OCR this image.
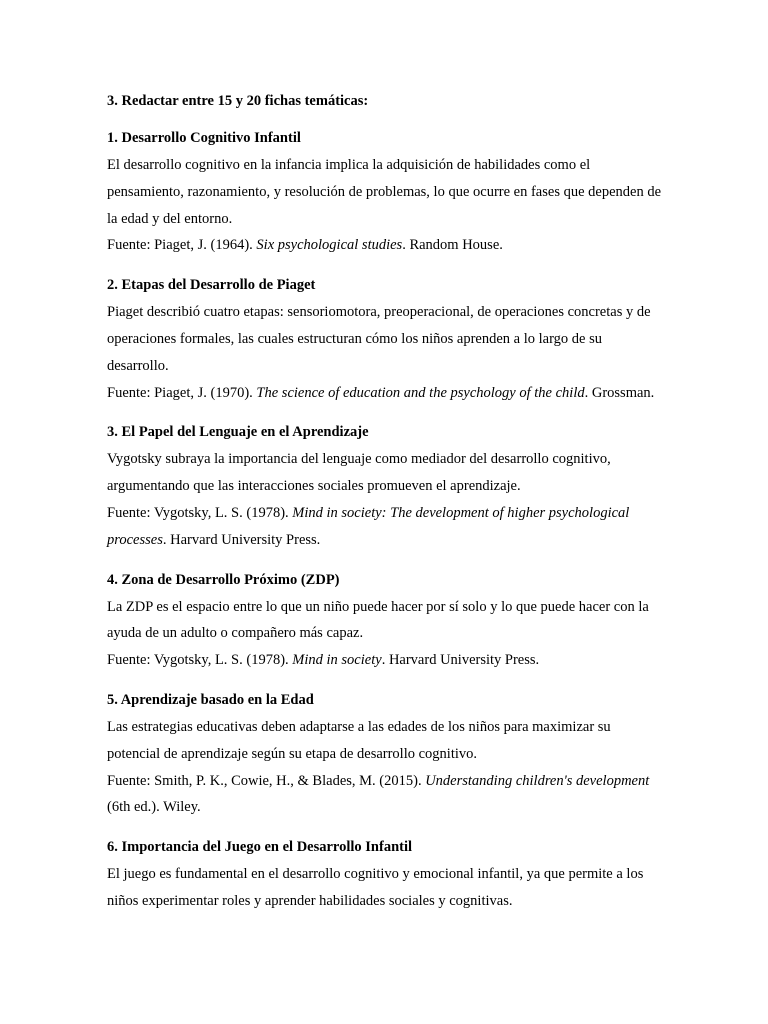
3. Redactar entre 15 y 20 fichas temáticas:

1. Desarrollo Cognitivo Infantil

El desarrollo cognitivo en la infancia implica la adquisición de habilidades como el pensamiento, razonamiento, y resolución de problemas, lo que ocurre en fases que dependen de la edad y del entorno.

Fuente: Piaget, J. (1964). Six psychological studies. Random House.

2. Etapas del Desarrollo de Piaget

Piaget describió cuatro etapas: sensoriomotora, preoperacional, de operaciones concretas y de operaciones formales, las cuales estructuran cómo los niños aprenden a lo largo de su desarrollo.

Fuente: Piaget, J. (1970). The science of education and the psychology of the child. Grossman.

3. El Papel del Lenguaje en el Aprendizaje

Vygotsky subraya la importancia del lenguaje como mediador del desarrollo cognitivo, argumentando que las interacciones sociales promueven el aprendizaje.

Fuente: Vygotsky, L. S. (1978). Mind in society: The development of higher psychological processes. Harvard University Press.

4. Zona de Desarrollo Próximo (ZDP)

La ZDP es el espacio entre lo que un niño puede hacer por sí solo y lo que puede hacer con la ayuda de un adulto o compañero más capaz.

Fuente: Vygotsky, L. S. (1978). Mind in society. Harvard University Press.

5. Aprendizaje basado en la Edad

Las estrategias educativas deben adaptarse a las edades de los niños para maximizar su potencial de aprendizaje según su etapa de desarrollo cognitivo.

Fuente: Smith, P. K., Cowie, H., & Blades, M. (2015). Understanding children's development (6th ed.). Wiley.

6. Importancia del Juego en el Desarrollo Infantil

El juego es fundamental en el desarrollo cognitivo y emocional infantil, ya que permite a los niños experimentar roles y aprender habilidades sociales y cognitivas.
